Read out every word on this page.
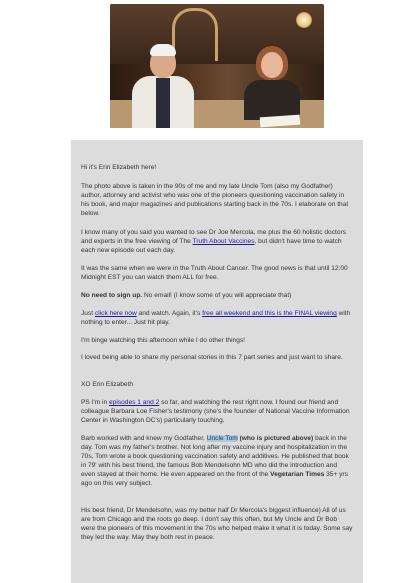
Hi it's Erin Elizabeth here!

The photo above is taken in the 90s of me and my late Uncle Tom (also my Godfather) author, attorney and activist who was one of the pioneers questioning vaccination safety in his book, and major magazines and publications starting back in the 70s. I elaborate on that below.

I know many of you said you wanted to see Dr Joe Mercola, me plus the 60 holistic doctors and experts in the free viewing of The Truth About Vaccines, but didn't have time to watch each new episode out each day.

It was the same when we were in the Truth About Cancer. The good news is that until 12:00 Midnight EST you can watch them ALL for free.

No need to sign up. No email! (I know some of you will appreciate that)

Just click here now and watch. Again, it's free all weekend and this is the FINAL viewing with nothing to enter... Just hit play.

I'm binge watching this afternoon while I do other things!

I loved being able to share my personal stories in this 7 part series and just want to share.

XO Erin Elizabeth

PS I'm in episodes 1 and 2 so far, and watching the rest right now. I found our friend and colleague Barbara Loe Fisher's testimony (she's the founder of National Vaccine Information Center in Washington DC's) particularly touching.

Barb worked with and knew my Godfather, Uncle Tom (who is pictured above) back in the day. Tom was my father's brother. Not long after my vaccine injury and hospitalization in the 70s, Tom wrote a book questioning vaccination safety and additives. He published that book in 79' with his best friend, the famous Bob Mendelsohn MD who did the introduction and even stayed at their home. He even appeared on the front of the Vegetarian Times 35+ yrs ago on this very subject.

His best friend, Dr Mendelsohn, was my better half Dr Mercola's biggest influence) All of us are from Chicago and the roots go deep. I don't say this often, but My Uncle and Dr Bob were the pioneers of this movement in the 70s who helped make it what it is today. Some say they led the way. May they both rest in peace.
